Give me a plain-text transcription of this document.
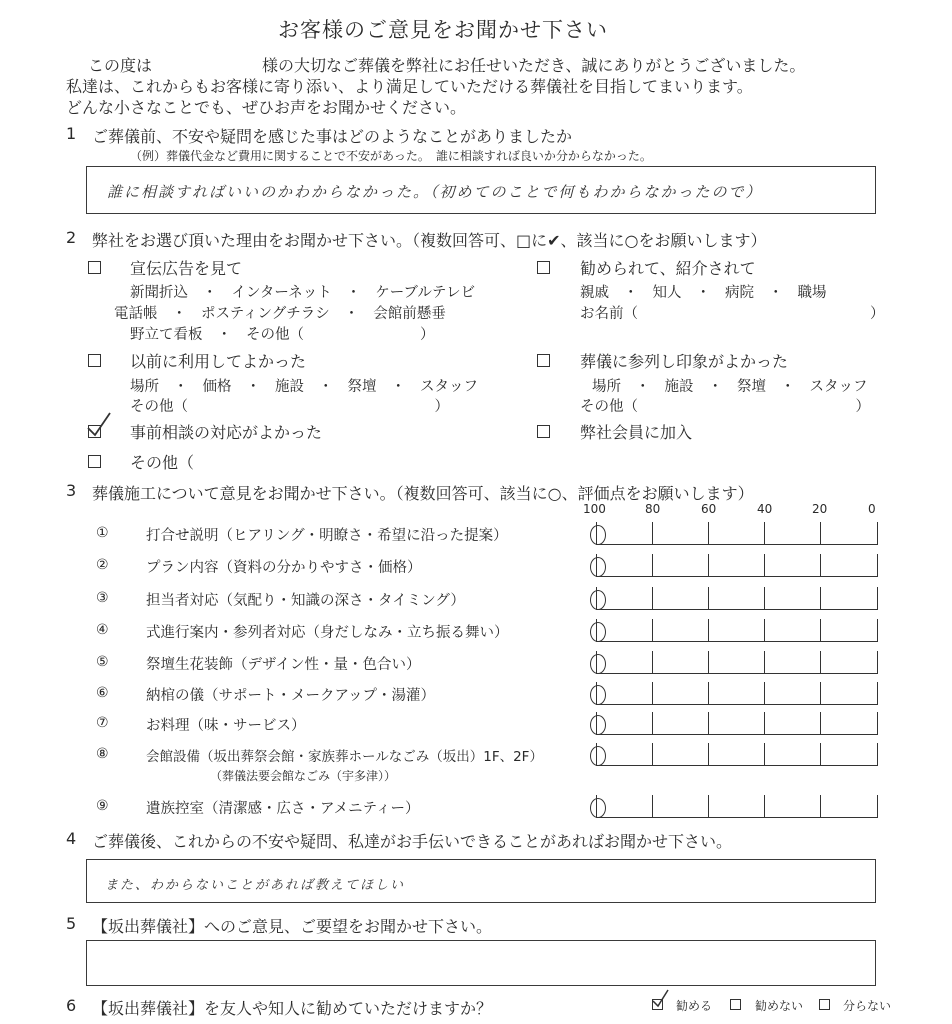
お客様のご意見をお聞かせ下さい
この度は	様の大切なご葬儀を弊社にお任せいただき、誠にありがとうございました。
私達は、これからもお客様に寄り添い、より満足していただける葬儀社を目指してまいります。
どんな小さなことでも、ぜひお声をお聞かせください。
1 ご葬儀前、不安や疑問を感じた事はどのようなことがありましたか
（例）葬儀代金など費用に関することで不安があった。　誰に相談すれば良いか分からなかった。
誰に相談すればいいのかわからなかった。（初めてのことで何もわからなかったので）
2 弊社をお選び頂いた理由をお聞かせ下さい。（複数回答可、□に✔、該当に○をお願いします）
宣伝広告を見て
新聞折込　・　インターネット　・　ケーブルテレビ
電話帳　・　ポスティングチラシ　・　会館前懸垂
野立て看板　・　その他（　　　　　　　　）
以前に利用してよかった
場所　・　価格　・　施設　・　祭壇　・　スタッフ
その他（　　　　　　　　　　　　　　　　　）
事前相談の対応がよかった
その他（
勧められて、紹介されて
親戚　・　知人　・　病院　・　職場
お名前（　　　　　　　　　　　　　　　　）
葬儀に参列し印象がよかった
場所　・　施設　・　祭壇　・　スタッフ
その他（　　　　　　　　　　　　　　　）
弊社会員に加入
3 葬儀施工について意見をお聞かせ下さい。（複数回答可、該当に○、評価点をお願いします）
100	80	60	40	20	0
①	打合せ説明（ヒアリング・明瞭さ・希望に沿った提案）
②	プラン内容（資料の分かりやすさ・価格）
③	担当者対応（気配り・知識の深さ・タイミング）
④	式進行案内・参列者対応（身だしなみ・立ち振る舞い）
⑤	祭壇生花装飾（デザイン性・量・色合い）
⑥	納棺の儀（サポート・メークアップ・湯灌）
⑦	お料理（味・サービス）
⑧	会館設備（坂出葬祭会館・家族葬ホールなごみ（坂出）1F、2F）
（葬儀法要会館なごみ（宇多津））
⑨	遺族控室（清潔感・広さ・アメニティー）
4 ご葬儀後、これからの不安や疑問、私達がお手伝いできることがあればお聞かせ下さい。
また、わからないことがあれば教えてほしい
5 【坂出葬儀社】へのご意見、ご要望をお聞かせ下さい。
6 【坂出葬儀社】を友人や知人に勧めていただけますか？	勧める	勧めない	分らない
